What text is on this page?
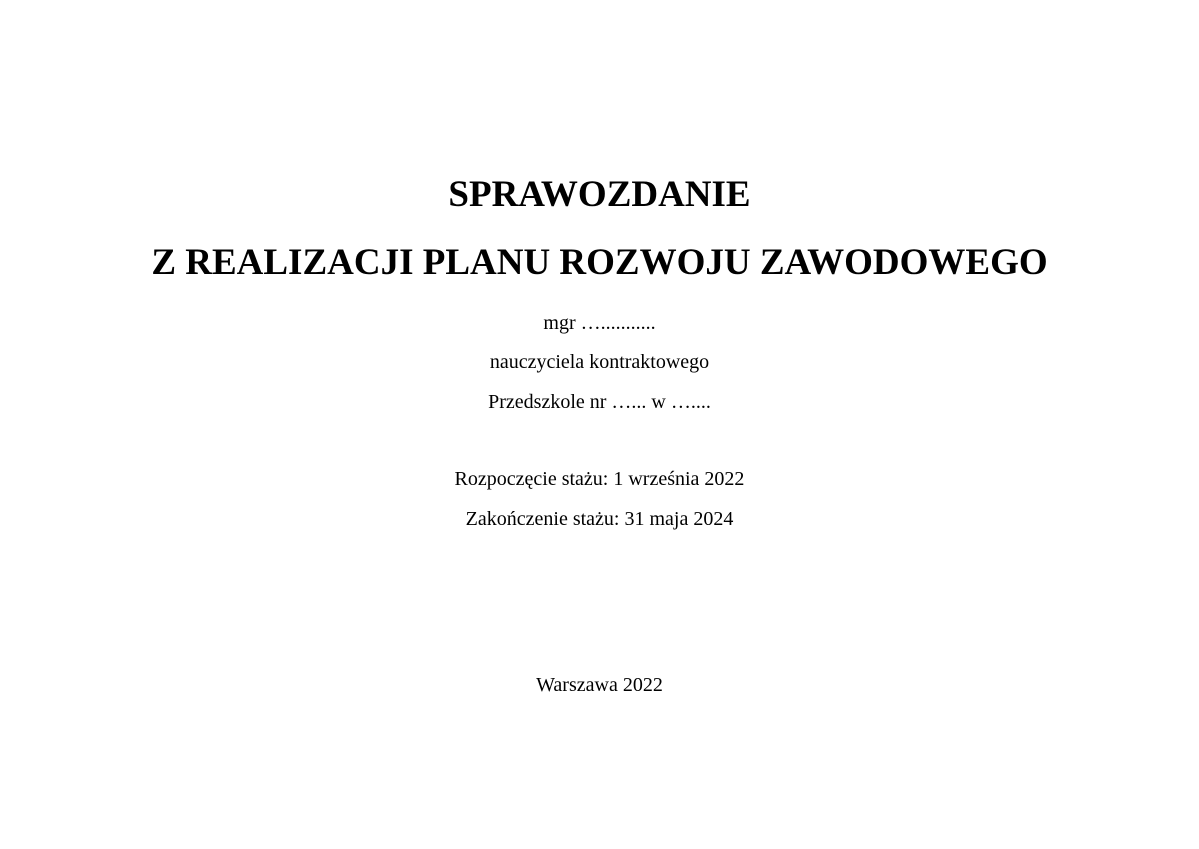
SPRAWOZDANIE
Z REALIZACJI PLANU ROZWOJU ZAWODOWEGO
mgr …...........
nauczyciela kontraktowego
Przedszkole nr …... w …....
Rozpoczęcie stażu: 1 września 2022
Zakończenie stażu: 31 maja 2024
Warszawa 2022
